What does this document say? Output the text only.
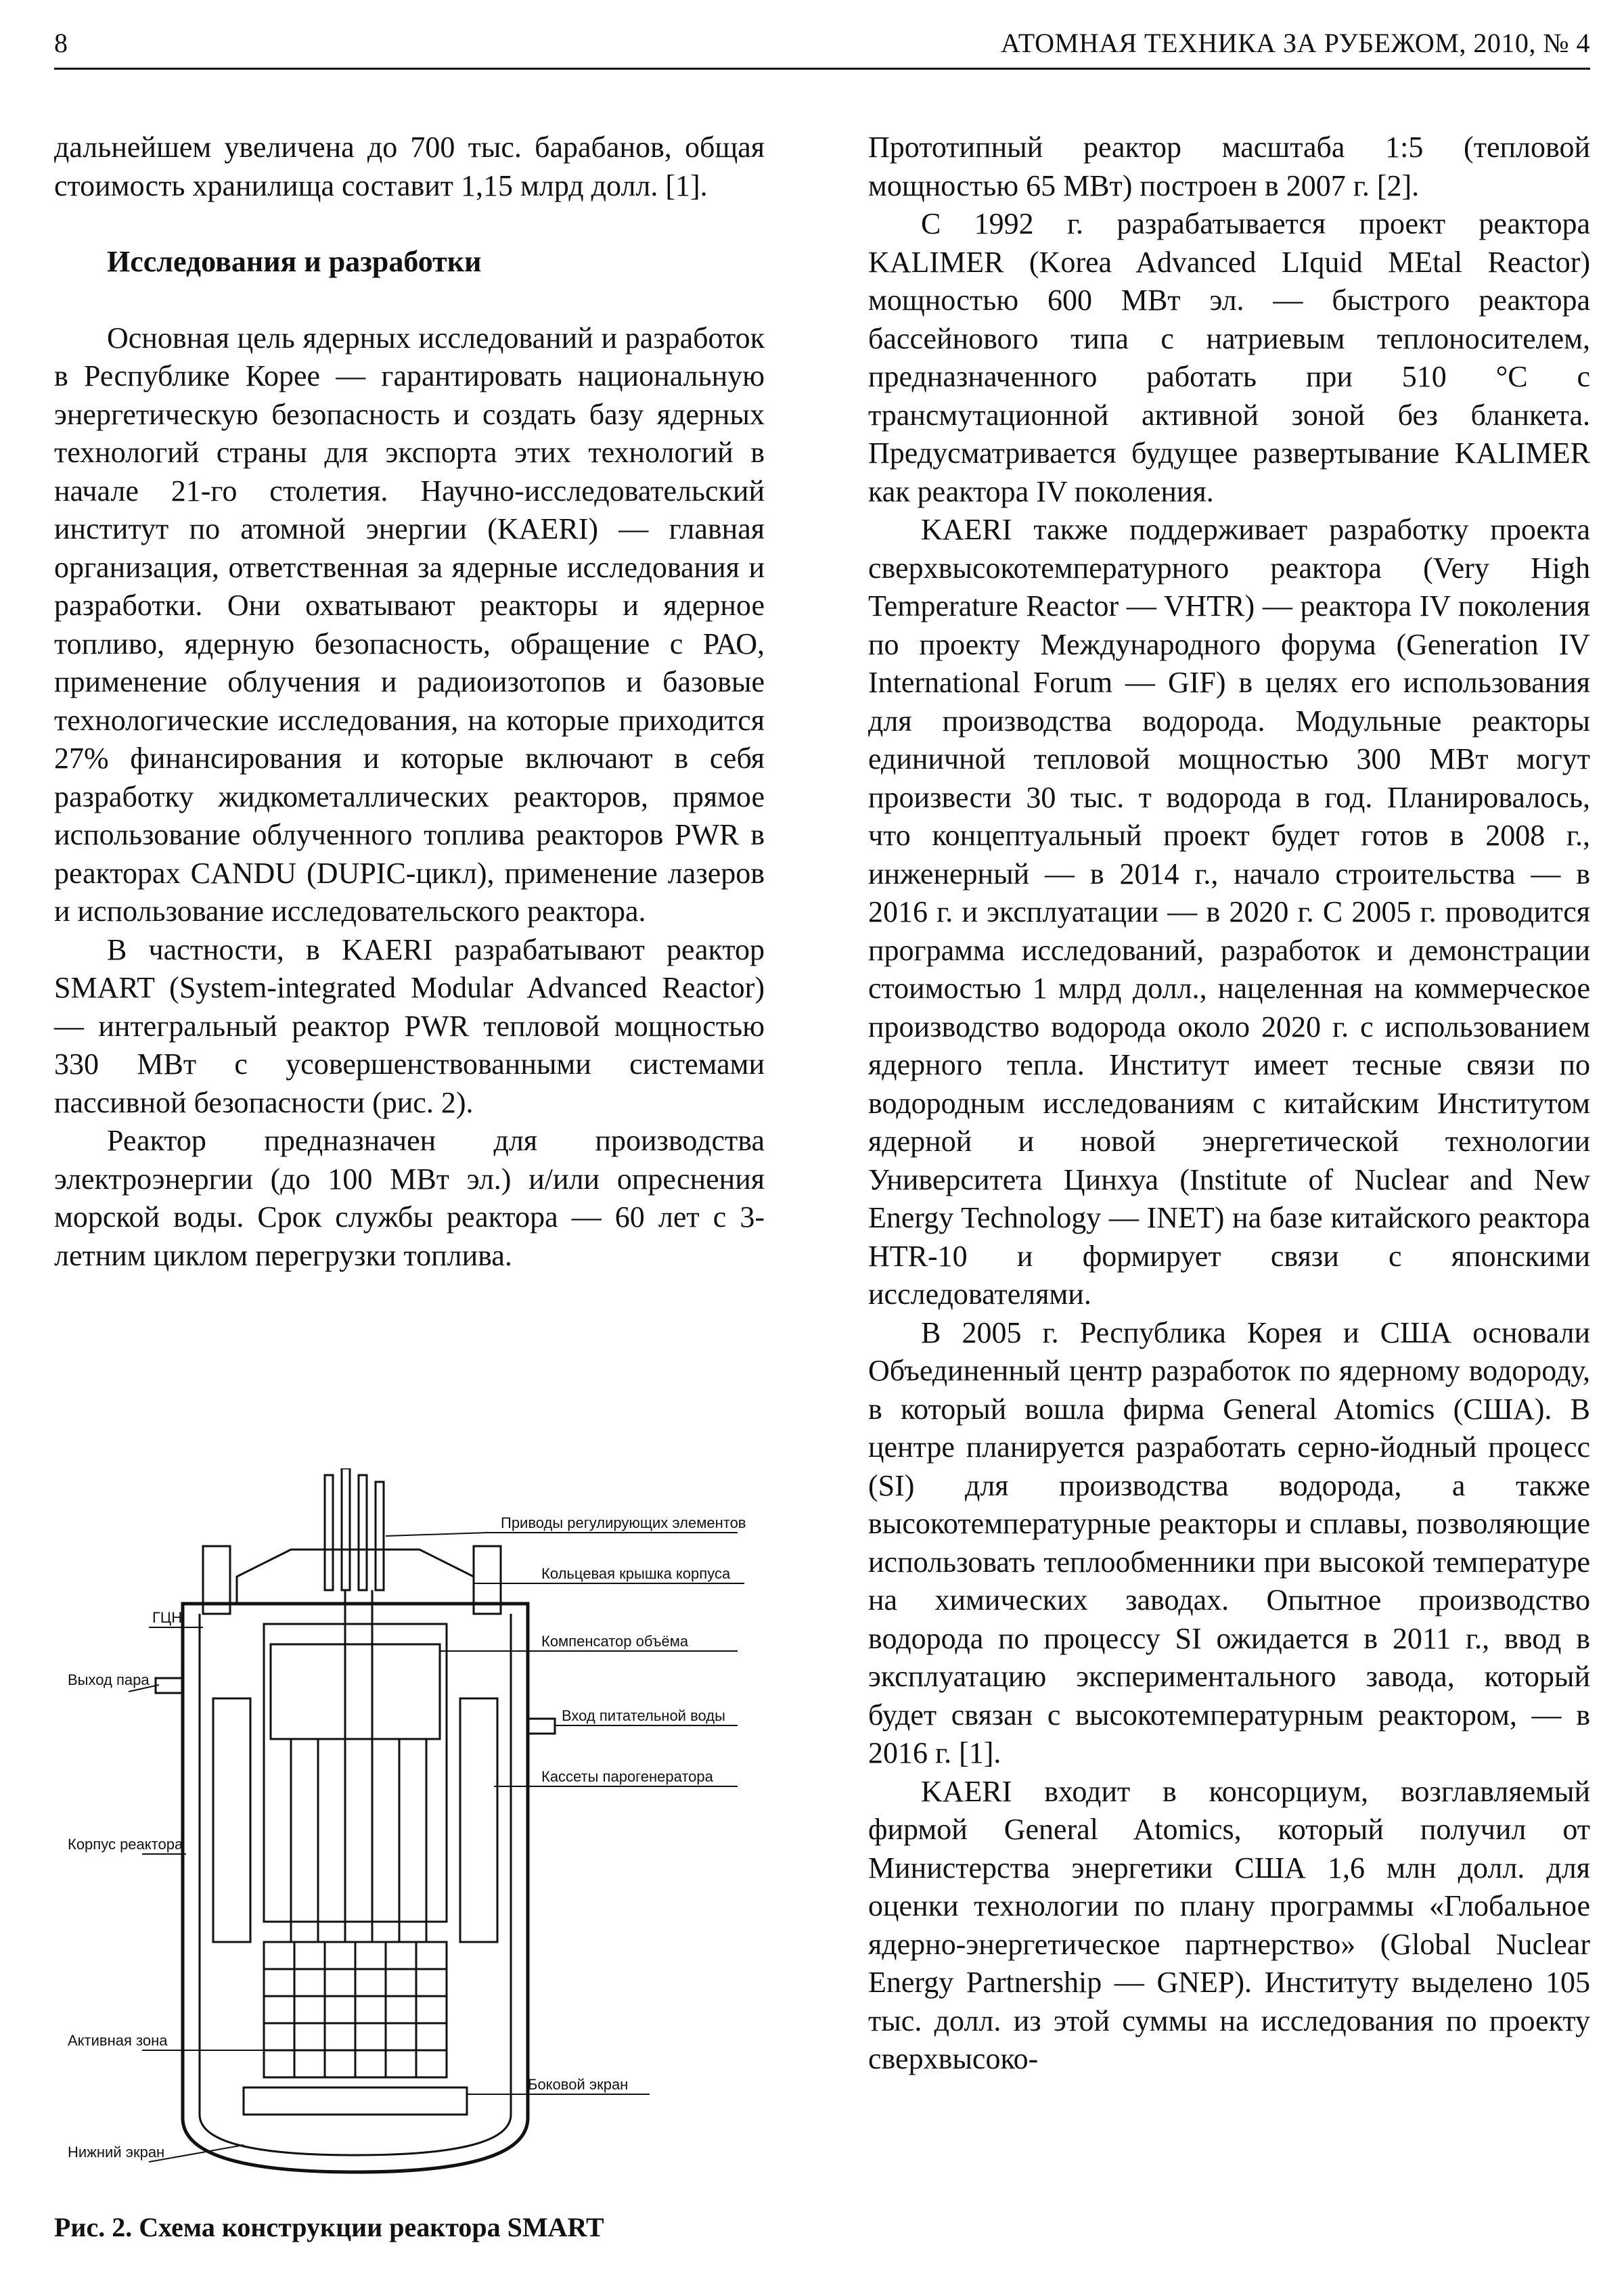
8	АТОМНАЯ ТЕХНИКА ЗА РУБЕЖОМ, 2010, № 4

дальнейшем увеличена до 700 тыс. барабанов, общая стоимость хранилища составит 1,15 млрд долл. [1].

Исследования и разработки

Основная цель ядерных исследований и разработок в Республике Корее — гарантировать национальную энергетическую безопасность и создать базу ядерных технологий страны для экспорта этих технологий в начале 21-го столетия. Научно-исследовательский институт по атомной энергии (KAERI) — главная организация, ответственная за ядерные исследования и разработки. Они охватывают реакторы и ядерное топливо, ядерную безопасность, обращение с РАО, применение облучения и радиоизотопов и базовые технологические исследования, на которые приходится 27% финансирования и которые включают в себя разработку жидкометаллических реакторов, прямое использование облученного топлива реакторов PWR в реакторах CANDU (DUPIC-цикл), применение лазеров и использование исследовательского реактора.

В частности, в KAERI разрабатывают реактор SMART (System-integrated Modular Advanced Reactor) — интегральный реактор PWR тепловой мощностью 330 МВт с усовершенствованными системами пассивной безопасности (рис. 2).

Реактор предназначен для производства электроэнергии (до 100 МВт эл.) и/или опреснения морской воды. Срок службы реактора — 60 лет с 3-летним циклом перегрузки топлива.

Приводы регулирующих элементов
ГЦН
Кольцевая крышка корпуса
Компенсатор объёма
Выход пара
Вход питательной воды
Кассеты парогенератора
Корпус реактора
Активная зона
Боковой экран
Нижний экран
Рис. 2. Схема конструкции реактора SMART

Прототипный реактор масштаба 1:5 (тепловой мощностью 65 МВт) построен в 2007 г. [2].

С 1992 г. разрабатывается проект реактора KALIMER (Korea Advanced LIquid MEtal Reactor) мощностью 600 МВт эл. — быстрого реактора бассейнового типа с натриевым теплоносителем, предназначенного работать при 510 °С с трансмутационной активной зоной без бланкета. Предусматривается будущее развертывание KALIMER как реактора IV поколения.

KAERI также поддерживает разработку проекта сверхвысокотемпературного реактора (Very High Temperature Reactor — VHTR) — реактора IV поколения по проекту Международного форума (Generation IV International Forum — GIF) в целях его использования для производства водорода. Модульные реакторы единичной тепловой мощностью 300 МВт могут произвести 30 тыс. т водорода в год. Планировалось, что концептуальный проект будет готов в 2008 г., инженерный — в 2014 г., начало строительства — в 2016 г. и эксплуатации — в 2020 г. С 2005 г. проводится программа исследований, разработок и демонстрации стоимостью 1 млрд долл., нацеленная на коммерческое производство водорода около 2020 г. с использованием ядерного тепла. Институт имеет тесные связи по водородным исследованиям с китайским Институтом ядерной и новой энергетической технологии Университета Цинхуа (Institute of Nuclear and New Energy Technology — INET) на базе китайского реактора HTR-10 и формирует связи с японскими исследователями.

В 2005 г. Республика Корея и США основали Объединенный центр разработок по ядерному водороду, в который вошла фирма General Atomics (США). В центре планируется разработать серно-йодный процесс (SI) для производства водорода, а также высокотемпературные реакторы и сплавы, позволяющие использовать теплообменники при высокой температуре на химических заводах. Опытное производство водорода по процессу SI ожидается в 2011 г., ввод в эксплуатацию экспериментального завода, который будет связан с высокотемпературным реактором, — в 2016 г. [1].

KAERI входит в консорциум, возглавляемый фирмой General Atomics, который получил от Министерства энергетики США 1,6 млн долл. для оценки технологии по плану программы «Глобальное ядерно-энергетическое партнерство» (Global Nuclear Energy Partnership — GNEP). Институту выделено 105 тыс. долл. из этой суммы на исследования по проекту сверхвысоко-
